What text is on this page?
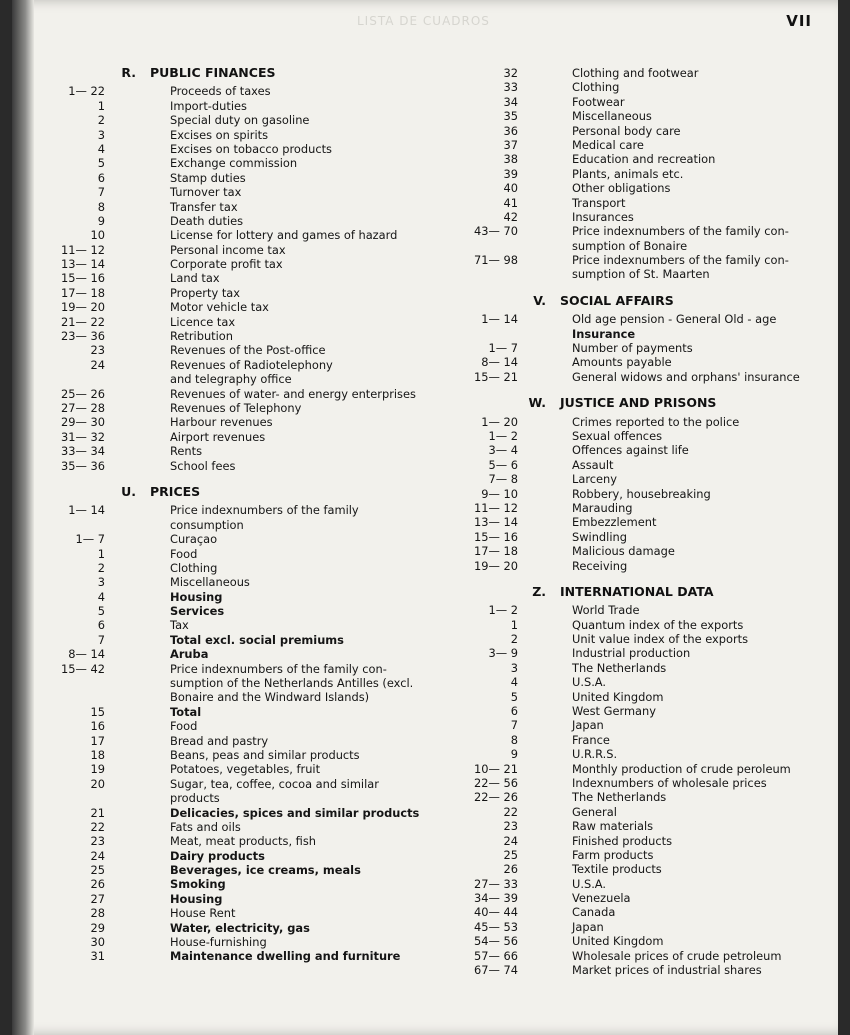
LISTA DE CUADROS	VII
R.	PUBLIC FINANCES
1— 22	Proceeds of taxes
1	Import-duties
2	Special duty on gasoline
3	Excises on spirits
4	Excises on tobacco products
5	Exchange commission
6	Stamp duties
7	Turnover tax
8	Transfer tax
9	Death duties
10	License for lottery and games of hazard
11— 12	Personal income tax
13— 14	Corporate profit tax
15— 16	Land tax
17— 18	Property tax
19— 20	Motor vehicle tax
21— 22	Licence tax
23— 36	Retribution
23	Revenues of the Post-office
24	Revenues of Radiotelephony
and telegraphy office
25— 26	Revenues of water- and energy enterprises
27— 28	Revenues of Telephony
29— 30	Harbour revenues
31— 32	Airport revenues
33— 34	Rents
35— 36	School fees
U.	PRICES
1— 14	Price indexnumbers of the family
consumption
1— 7	Curaçao
1	Food
2	Clothing
3	Miscellaneous
4	Housing
5	Services
6	Tax
7	Total excl. social premiums
8— 14	Aruba
15— 42	Price indexnumbers of the family con-
sumption of the Netherlands Antilles (excl.
Bonaire and the Windward Islands)
15	Total
16	Food
17	Bread and pastry
18	Beans, peas and similar products
19	Potatoes, vegetables, fruit
20	Sugar, tea, coffee, cocoa and similar
products
21	Delicacies, spices and similar products
22	Fats and oils
23	Meat, meat products, fish
24	Dairy products
25	Beverages, ice creams, meals
26	Smoking
27	Housing
28	House Rent
29	Water, electricity, gas
30	House-furnishing
31	Maintenance dwelling and furniture
32	Clothing and footwear
33	Clothing
34	Footwear
35	Miscellaneous
36	Personal body care
37	Medical care
38	Education and recreation
39	Plants, animals etc.
40	Other obligations
41	Transport
42	Insurances
43— 70	Price indexnumbers of the family con-
sumption of Bonaire
71— 98	Price indexnumbers of the family con-
sumption of St. Maarten
V.	SOCIAL AFFAIRS
1— 14	Old age pension - General Old - age
Insurance
1— 7	Number of payments
8— 14	Amounts payable
15— 21	General widows and orphans' insurance
W.	JUSTICE AND PRISONS
1— 20	Crimes reported to the police
1— 2	Sexual offences
3— 4	Offences against life
5— 6	Assault
7— 8	Larceny
9— 10	Robbery, housebreaking
11— 12	Marauding
13— 14	Embezzlement
15— 16	Swindling
17— 18	Malicious damage
19— 20	Receiving
Z.	INTERNATIONAL DATA
1— 2	World Trade
1	Quantum index of the exports
2	Unit value index of the exports
3— 9	Industrial production
3	The Netherlands
4	U.S.A.
5	United Kingdom
6	West Germany
7	Japan
8	France
9	U.R.R.S.
10— 21	Monthly production of crude peroleum
22— 56	Indexnumbers of wholesale prices
22— 26	The Netherlands
22	General
23	Raw materials
24	Finished products
25	Farm products
26	Textile products
27— 33	U.S.A.
34— 39	Venezuela
40— 44	Canada
45— 53	Japan
54— 56	United Kingdom
57— 66	Wholesale prices of crude petroleum
67— 74	Market prices of industrial shares
